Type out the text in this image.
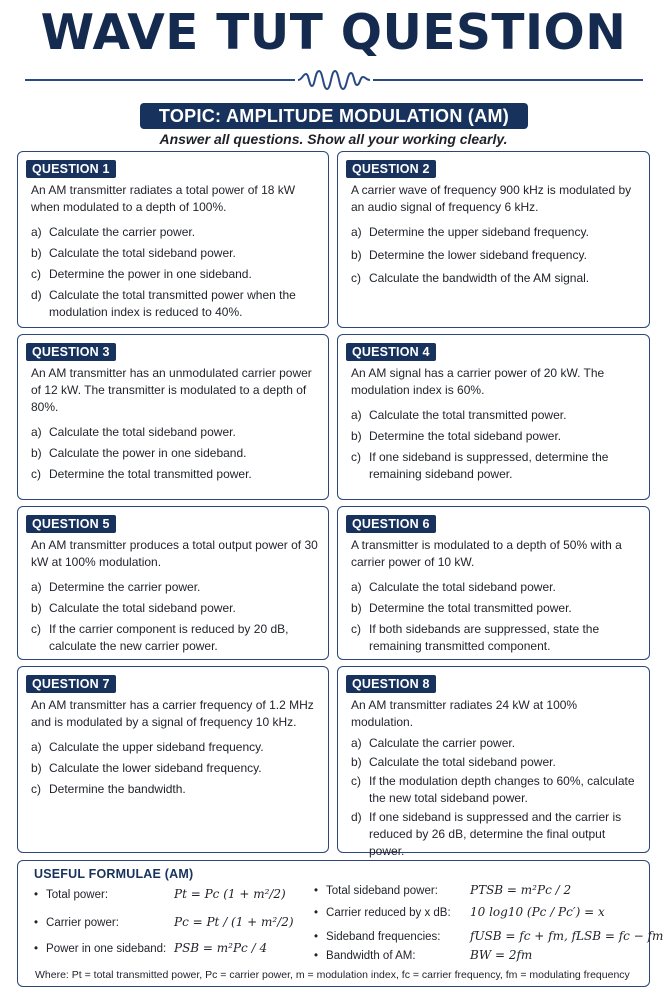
WAVE TUT QUESTION
TOPIC: AMPLITUDE MODULATION (AM)
Answer all questions. Show all your working clearly.
QUESTION 1
An AM transmitter radiates a total power of 18 kW when modulated to a depth of 100%.
a) Calculate the carrier power.
b) Calculate the total sideband power.
c) Determine the power in one sideband.
d) Calculate the total transmitted power when the modulation index is reduced to 40%.
QUESTION 2
A carrier wave of frequency 900 kHz is modulated by an audio signal of frequency 6 kHz.
a) Determine the upper sideband frequency.
b) Determine the lower sideband frequency.
c) Calculate the bandwidth of the AM signal.
QUESTION 3
An AM transmitter has an unmodulated carrier power of 12 kW. The transmitter is modulated to a depth of 80%.
a) Calculate the total sideband power.
b) Calculate the power in one sideband.
c) Determine the total transmitted power.
QUESTION 4
An AM signal has a carrier power of 20 kW. The modulation index is 60%.
a) Calculate the total transmitted power.
b) Determine the total sideband power.
c) If one sideband is suppressed, determine the remaining sideband power.
QUESTION 5
An AM transmitter produces a total output power of 30 kW at 100% modulation.
a) Determine the carrier power.
b) Calculate the total sideband power.
c) If the carrier component is reduced by 20 dB, calculate the new carrier power.
QUESTION 6
A transmitter is modulated to a depth of 50% with a carrier power of 10 kW.
a) Calculate the total sideband power.
b) Determine the total transmitted power.
c) If both sidebands are suppressed, state the remaining transmitted component.
QUESTION 7
An AM transmitter has a carrier frequency of 1.2 MHz and is modulated by a signal of frequency 10 kHz.
a) Calculate the upper sideband frequency.
b) Calculate the lower sideband frequency.
c) Determine the bandwidth.
QUESTION 8
An AM transmitter radiates 24 kW at 100% modulation.
a) Calculate the carrier power.
b) Calculate the total sideband power.
c) If the modulation depth changes to 60%, calculate the new total sideband power.
d) If one sideband is suppressed and the carrier is reduced by 26 dB, determine the final output power.
USEFUL FORMULAE (AM)
• Total power:	Pt = Pc (1 + m²/2)
• Carrier power:	Pc = Pt / (1 + m²/2)
• Power in one sideband: PSB = m²Pc / 4
• Total sideband power:	PTSB = m²Pc / 2
• Carrier reduced by x dB: 10 log10 (Pc / Pc′) = x
• Sideband frequencies: fUSB = fc + fm, fLSB = fc − fm
• Bandwidth of AM:	BW = 2fm
Where: Pt = total transmitted power, Pc = carrier power, m = modulation index, fc = carrier frequency, fm = modulating frequency
